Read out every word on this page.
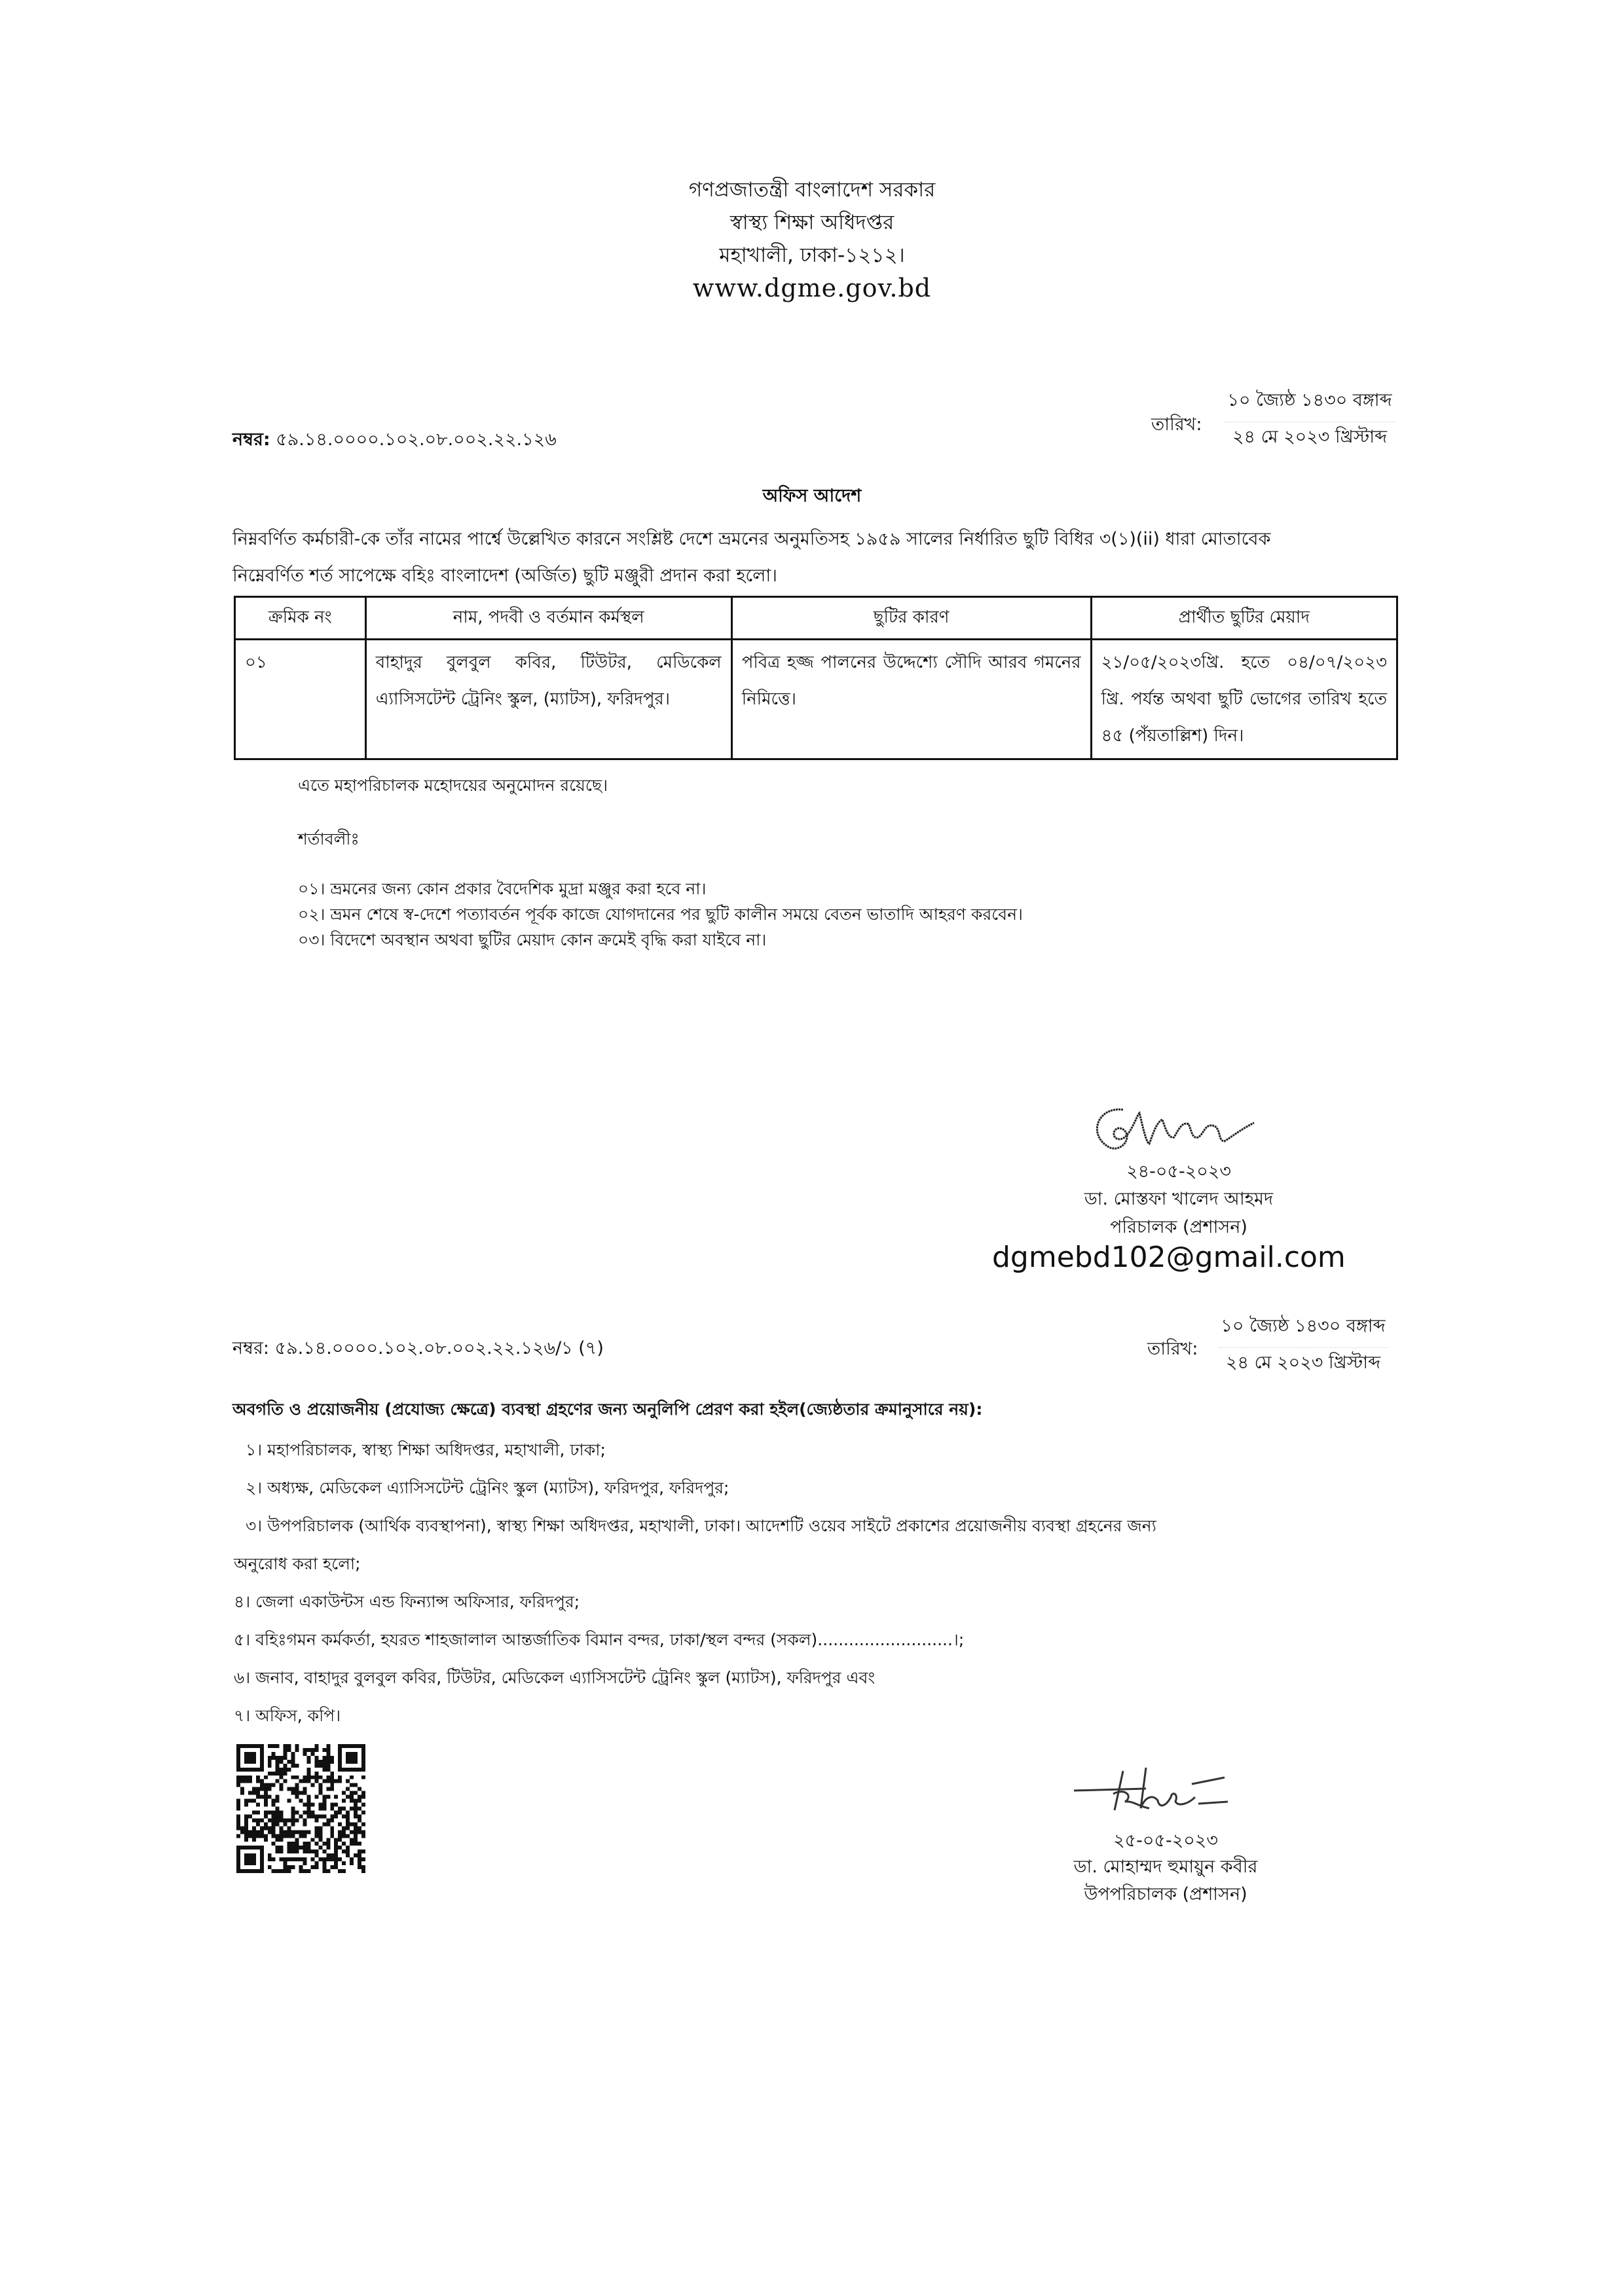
গণপ্রজাতন্ত্রী বাংলাদেশ সরকার
স্বাস্থ্য শিক্ষা অধিদপ্তর
মহাখালী, ঢাকা-১২১২।
www.dgme.gov.bd
নম্বর: ৫৯.১৪.০০০০.১০২.০৮.০০২.২২.১২৬
তারিখ:
১০ জ্যৈষ্ঠ ১৪৩০ বঙ্গাব্দ
২৪ মে ২০২৩ খ্রিস্টাব্দ
অফিস আদেশ
নিম্নবর্ণিত কর্মচারী-কে তাঁর নামের পার্শ্বে উল্লেখিত কারনে সংশ্লিষ্ট দেশে ভ্রমনের অনুমতিসহ ১৯৫৯ সালের নির্ধারিত ছুটি বিধির ৩(১)(ii) ধারা মোতাবেক
নিম্নেবর্ণিত শর্ত সাপেক্ষে বহিঃ বাংলাদেশ (অর্জিত) ছুটি মঞ্জুরী প্রদান করা হলো।
ক্রমিক নং	নাম, পদবী ও বর্তমান কর্মস্থল	ছুটির কারণ	প্রার্থীত ছুটির মেয়াদ
০১	বাহাদুর বুলবুল কবির, টিউটর, মেডিকেল এ্যাসিসটেন্ট ট্রেনিং স্কুল, (ম্যাটস), ফরিদপুর।	পবিত্র হজ্জ পালনের উদ্দেশ্যে সৌদি আরব গমনের নিমিত্তে।	২১/০৫/২০২৩খ্রি. হতে ০৪/০৭/২০২৩ খ্রি. পর্যন্ত অথবা ছুটি ভোগের তারিখ হতে ৪৫ (পঁয়তাল্লিশ) দিন।
এতে মহাপরিচালক মহোদয়ের অনুমোদন রয়েছে।
শর্তাবলীঃ
০১। ভ্রমনের জন্য কোন প্রকার বৈদেশিক মুদ্রা মঞ্জুর করা হবে না।
০২। ভ্রমন শেষে স্ব-দেশে পত্যাবর্তন পূর্বক কাজে যোগদানের পর ছুটি কালীন সময়ে বেতন ভাতাদি আহরণ করবেন।
০৩। বিদেশে অবস্থান অথবা ছুটির মেয়াদ কোন ক্রমেই বৃদ্ধি করা যাইবে না।
২৪-০৫-২০২৩
ডা. মোস্তফা খালেদ আহমদ
পরিচালক (প্রশাসন)
dgmebd102@gmail.com
নম্বর: ৫৯.১৪.০০০০.১০২.০৮.০০২.২২.১২৬/১ (৭)	তারিখ:
১০ জ্যৈষ্ঠ ১৪৩০ বঙ্গাব্দ
২৪ মে ২০২৩ খ্রিস্টাব্দ
অবগতি ও প্রয়োজনীয় (প্রযোজ্য ক্ষেত্রে) ব্যবস্থা গ্রহণের জন্য অনুলিপি প্রেরণ করা হইল(জ্যেষ্ঠতার ক্রমানুসারে নয়):
১। মহাপরিচালক, স্বাস্থ্য শিক্ষা অধিদপ্তর, মহাখালী, ঢাকা;
২। অধ্যক্ষ, মেডিকেল এ্যাসিসটেন্ট ট্রেনিং স্কুল (ম্যাটস), ফরিদপুর, ফরিদপুর;
৩। উপপরিচালক (আর্থিক ব্যবস্থাপনা), স্বাস্থ্য শিক্ষা অধিদপ্তর, মহাখালী, ঢাকা। আদেশটি ওয়েব সাইটে প্রকাশের প্রয়োজনীয় ব্যবস্থা গ্রহনের জন্য
অনুরোধ করা হলো;
৪। জেলা একাউন্টস এন্ড ফিন্যান্স অফিসার, ফরিদপুর;
৫। বহিঃগমন কর্মকর্তা, হযরত শাহজালাল আন্তর্জাতিক বিমান বন্দর, ঢাকা/স্থল বন্দর (সকল)..........................।;
৬। জনাব, বাহাদুর বুলবুল কবির, টিউটর, মেডিকেল এ্যাসিসটেন্ট ট্রেনিং স্কুল (ম্যাটস), ফরিদপুর এবং
৭। অফিস, কপি।
২৫-০৫-২০২৩
ডা. মোহাম্মদ হুমায়ুন কবীর
উপপরিচালক (প্রশাসন)
